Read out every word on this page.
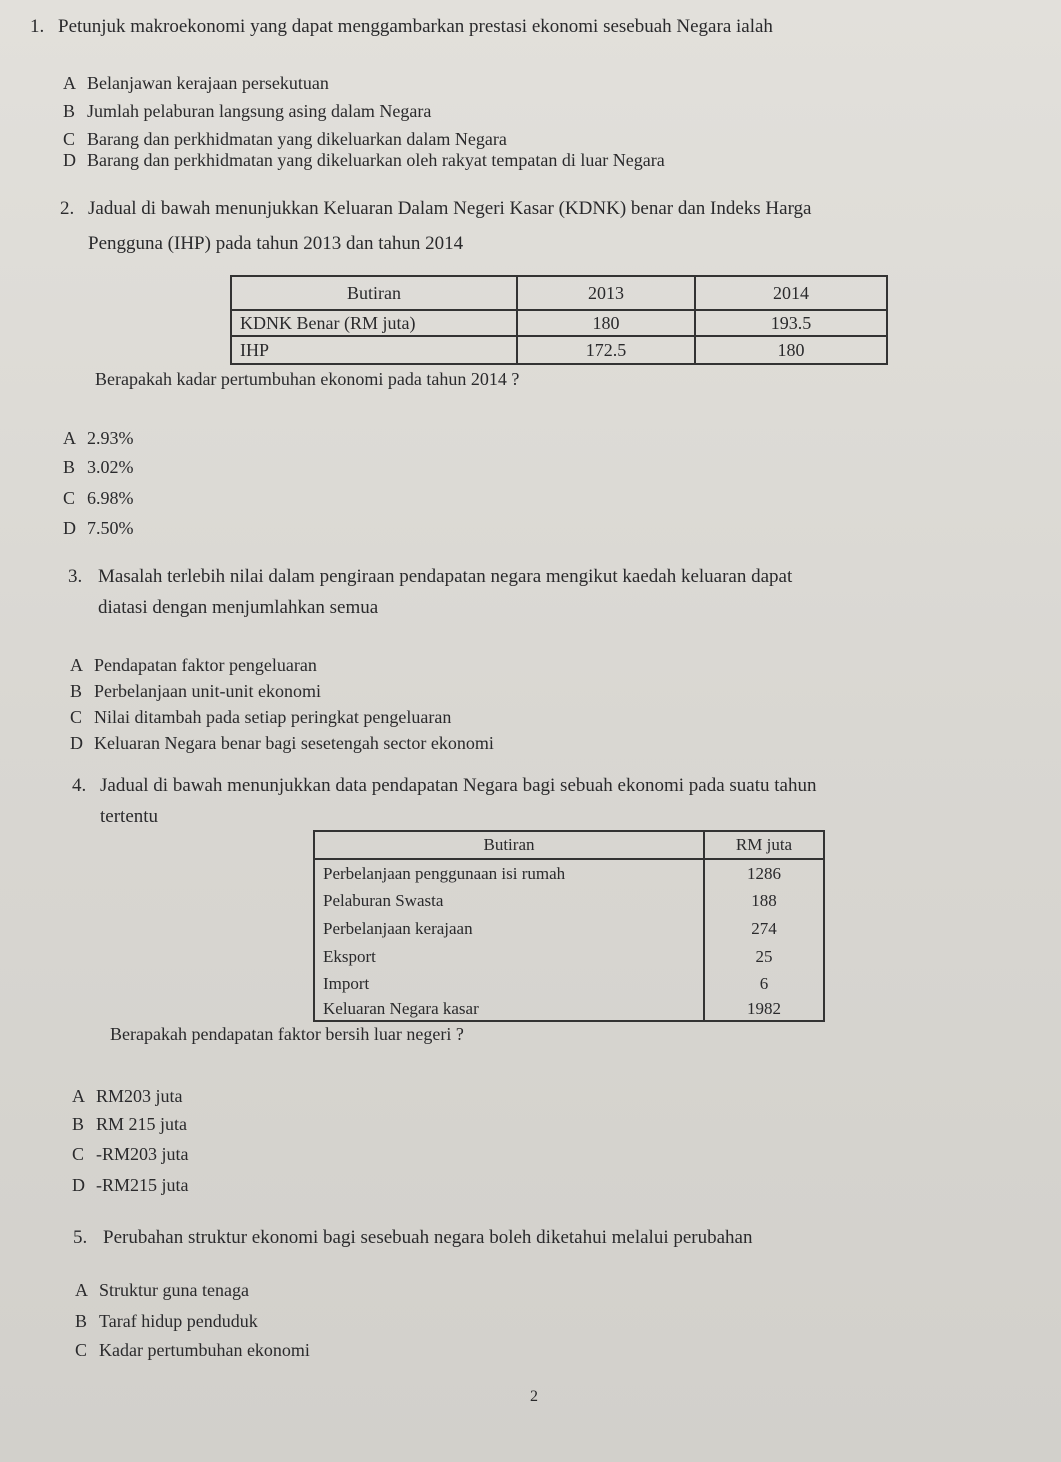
1. Petunjuk makroekonomi yang dapat menggambarkan prestasi ekonomi sesebuah Negara ialah
A Belanjawan kerajaan persekutuan
B Jumlah pelaburan langsung asing dalam Negara
C Barang dan perkhidmatan yang dikeluarkan dalam Negara
D Barang dan perkhidmatan yang dikeluarkan oleh rakyat tempatan di luar Negara
2. Jadual di bawah menunjukkan Keluaran Dalam Negeri Kasar (KDNK) benar dan Indeks Harga
Pengguna (IHP) pada tahun 2013 dan tahun 2014
Butiran	2013	2014
KDNK Benar (RM juta)	180	193.5
IHP	172.5	180
Berapakah kadar pertumbuhan ekonomi pada tahun 2014 ?
A 2.93%
B 3.02%
C 6.98%
D 7.50%
3. Masalah terlebih nilai dalam pengiraan pendapatan negara mengikut kaedah keluaran dapat
diatasi dengan menjumlahkan semua
A Pendapatan faktor pengeluaran
B Perbelanjaan unit-unit ekonomi
C Nilai ditambah pada setiap peringkat pengeluaran
D Keluaran Negara benar bagi sesetengah sector ekonomi
4. Jadual di bawah menunjukkan data pendapatan Negara bagi sebuah ekonomi pada suatu tahun
tertentu
Butiran	RM juta
Perbelanjaan penggunaan isi rumah	1286
Pelaburan Swasta	188
Perbelanjaan kerajaan	274
Eksport	25
Import	6
Keluaran Negara kasar	1982
Berapakah pendapatan faktor bersih luar negeri ?
A RM203 juta
B RM 215 juta
C -RM203 juta
D -RM215 juta
5. Perubahan struktur ekonomi bagi sesebuah negara boleh diketahui melalui perubahan
A Struktur guna tenaga
B Taraf hidup penduduk
C Kadar pertumbuhan ekonomi
2
